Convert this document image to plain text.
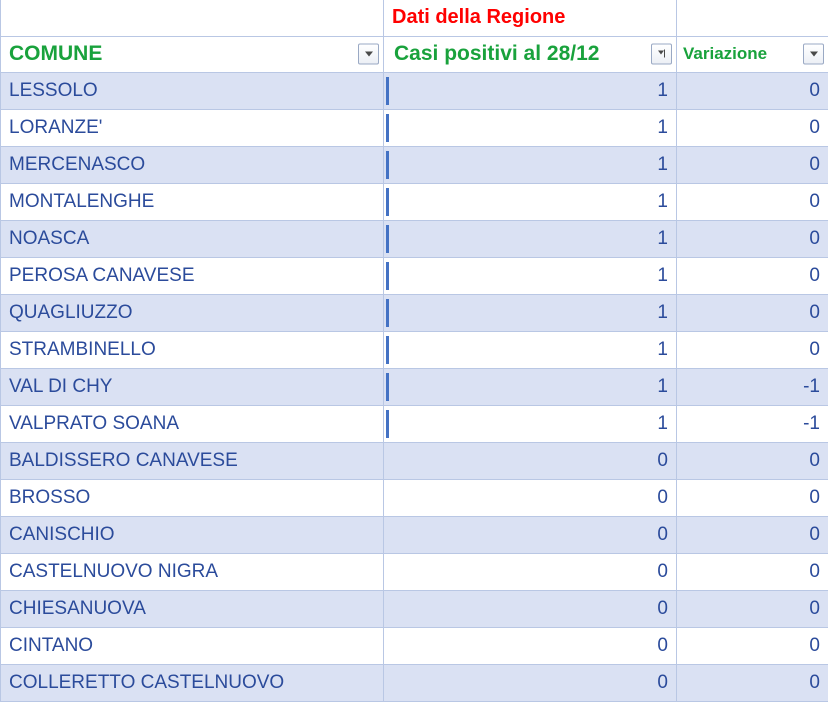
	Dati della Regione	
COMUNE	Casi positivi al 28/12	Variazione

LESSOLO	1	0
LORANZE'	1	0
MERCENASCO	1	0
MONTALENGHE	1	0
NOASCA	1	0
PEROSA CANAVESE	1	0
QUAGLIUZZO	1	0
STRAMBINELLO	1	0
VAL DI CHY	1	-1
VALPRATO SOANA	1	-1
BALDISSERO CANAVESE	0	0
BROSSO	0	0
CANISCHIO	0	0
CASTELNUOVO NIGRA	0	0
CHIESANUOVA	0	0
CINTANO	0	0
COLLERETTO CASTELNUOVO	0	0
